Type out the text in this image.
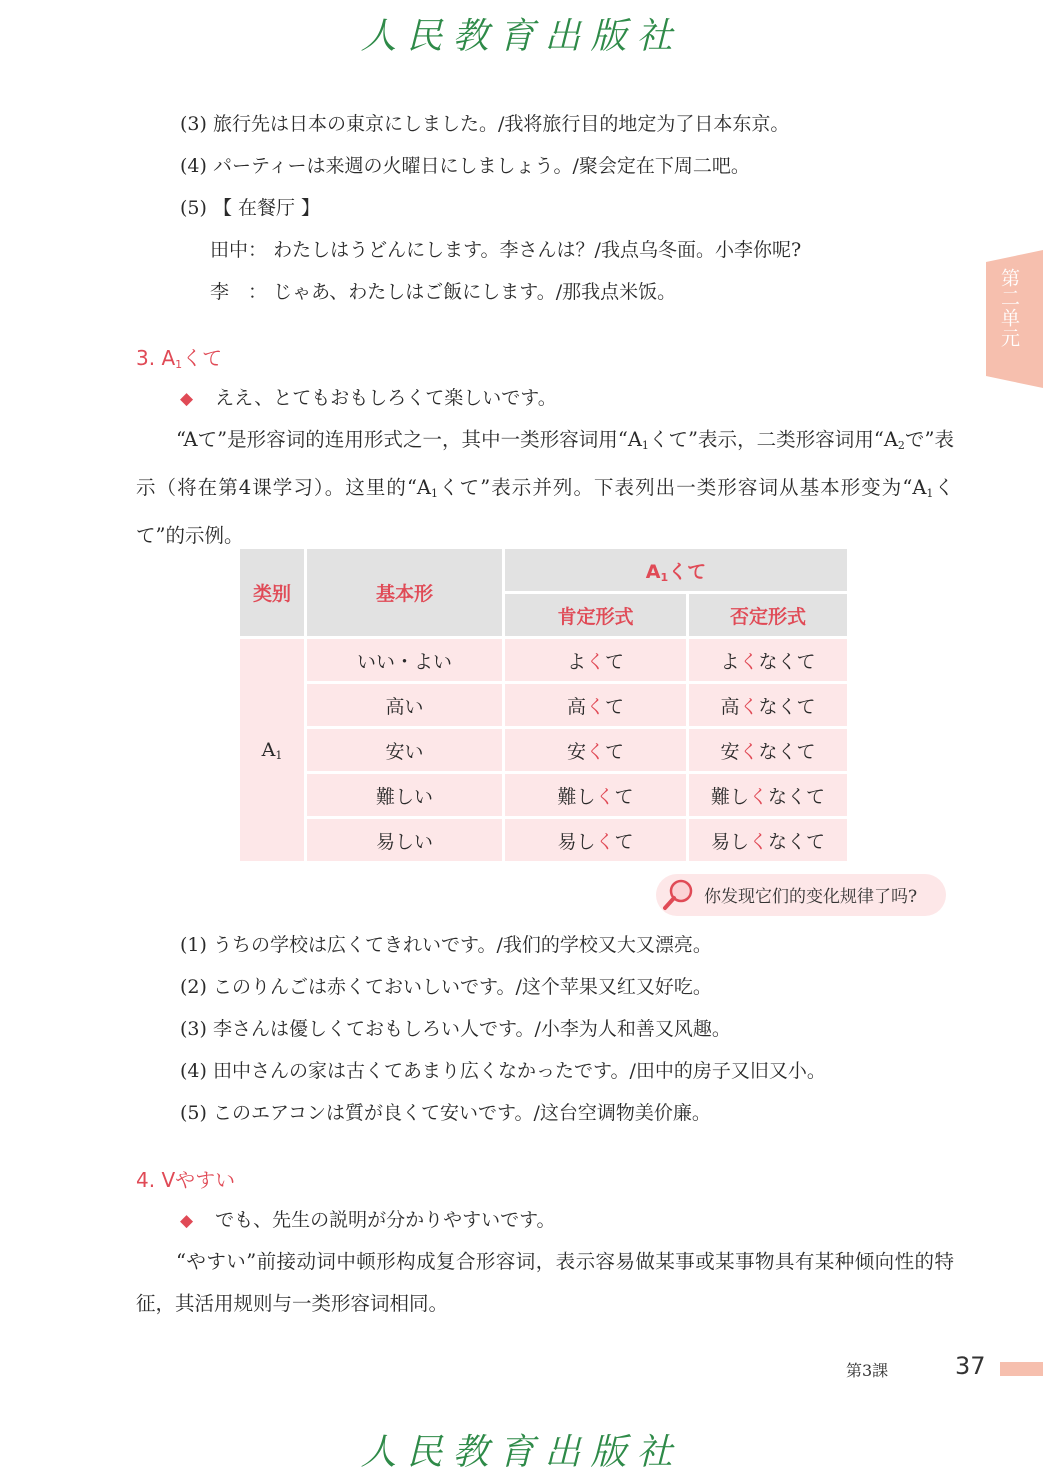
人民教育出版社
第二单元
(3) 旅行先は日本の東京にしました。/我将旅行目的地定为了日本东京。
(4) パーティーは来週の火曜日にしましょう。/聚会定在下周二吧。
(5) 【 在餐厅 】
田中： わたしはうどんにします。李さんは？/我点乌冬面。小李你呢?
李　： じゃあ、わたしはご飯にします。/那我点米饭。
3. $A_1$くて
◆ ええ、とてもおもしろくて楽しいです。
“Aて”是形容词的连用形式之一，其中一类形容词用“$A_1$くて”表示，二类形容词用“$A_2$で”表示（将在第4课学习）。这里的“$A_1$くて”表示并列。下表列出一类形容词从基本形变为“$A_1$くて”的示例。
类别	基本形	$A_1$くて	
		肯定形式	否定形式
$A_1$	いい・よい	よくて	よくなくて
	高い	高くて	高くなくて
	安い	安くて	安くなくて
	難しい	難しくて	難しくなくて
	易しい	易しくて	易しくなくて
你发现它们的变化规律了吗?
(1) うちの学校は広くてきれいです。/我们的学校又大又漂亮。
(2) このりんごは赤くておいしいです。/这个苹果又红又好吃。
(3) 李さんは優しくておもしろい人です。/小李为人和善又风趣。
(4) 田中さんの家は古くてあまり広くなかったです。/田中的房子又旧又小。
(5) このエアコンは質が良くて安いです。/这台空调物美价廉。
4. Vやすい
◆ でも、先生の説明が分かりやすいです。
“やすい”前接动词中顿形构成复合形容词，表示容易做某事或某事物具有某种倾向性的特征，其活用规则与一类形容词相同。
第3課	37
人民教育出版社
